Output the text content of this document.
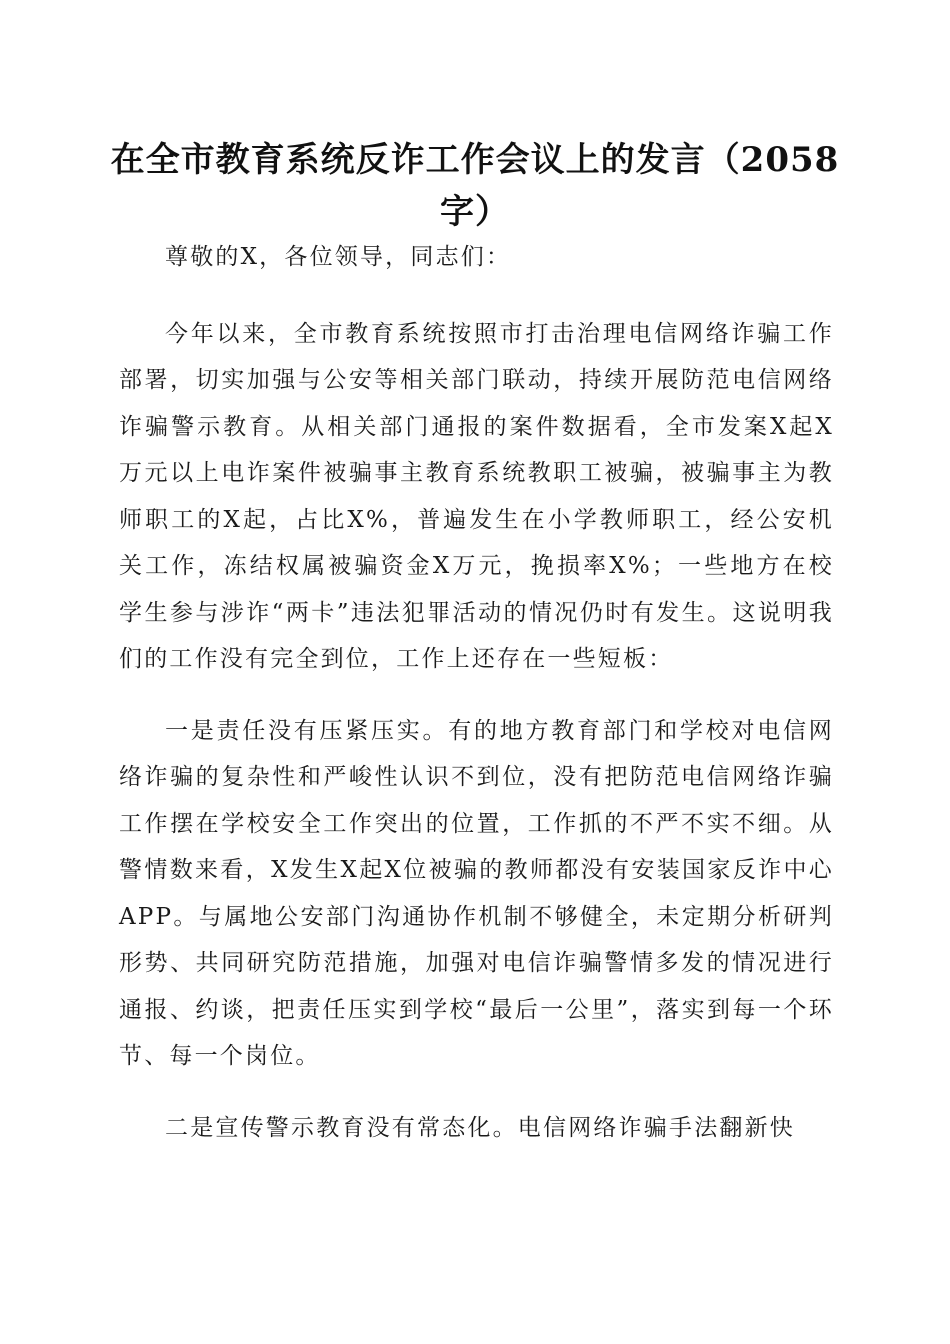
在全市教育系统反诈工作会议上的发言（2058字）

尊敬的X，各位领导，同志们：

今年以来，全市教育系统按照市打击治理电信网络诈骗工作部署，切实加强与公安等相关部门联动，持续开展防范电信网络诈骗警示教育。从相关部门通报的案件数据看，全市发案X起X万元以上电诈案件被骗事主教育系统教职工被骗，被骗事主为教师职工的X起，占比X%，普遍发生在小学教师职工，经公安机关工作，冻结权属被骗资金X万元，挽损率X%；一些地方在校学生参与涉诈“两卡”违法犯罪活动的情况仍时有发生。这说明我们的工作没有完全到位，工作上还存在一些短板：

一是责任没有压紧压实。有的地方教育部门和学校对电信网络诈骗的复杂性和严峻性认识不到位，没有把防范电信网络诈骗工作摆在学校安全工作突出的位置，工作抓的不严不实不细。从警情数来看，X发生X起X位被骗的教师都没有安装国家反诈中心APP。与属地公安部门沟通协作机制不够健全，未定期分析研判形势、共同研究防范措施，加强对电信诈骗警情多发的情况进行通报、约谈，把责任压实到学校“最后一公里”，落实到每一个环节、每一个岗位。

二是宣传警示教育没有常态化。电信网络诈骗手法翻新快
